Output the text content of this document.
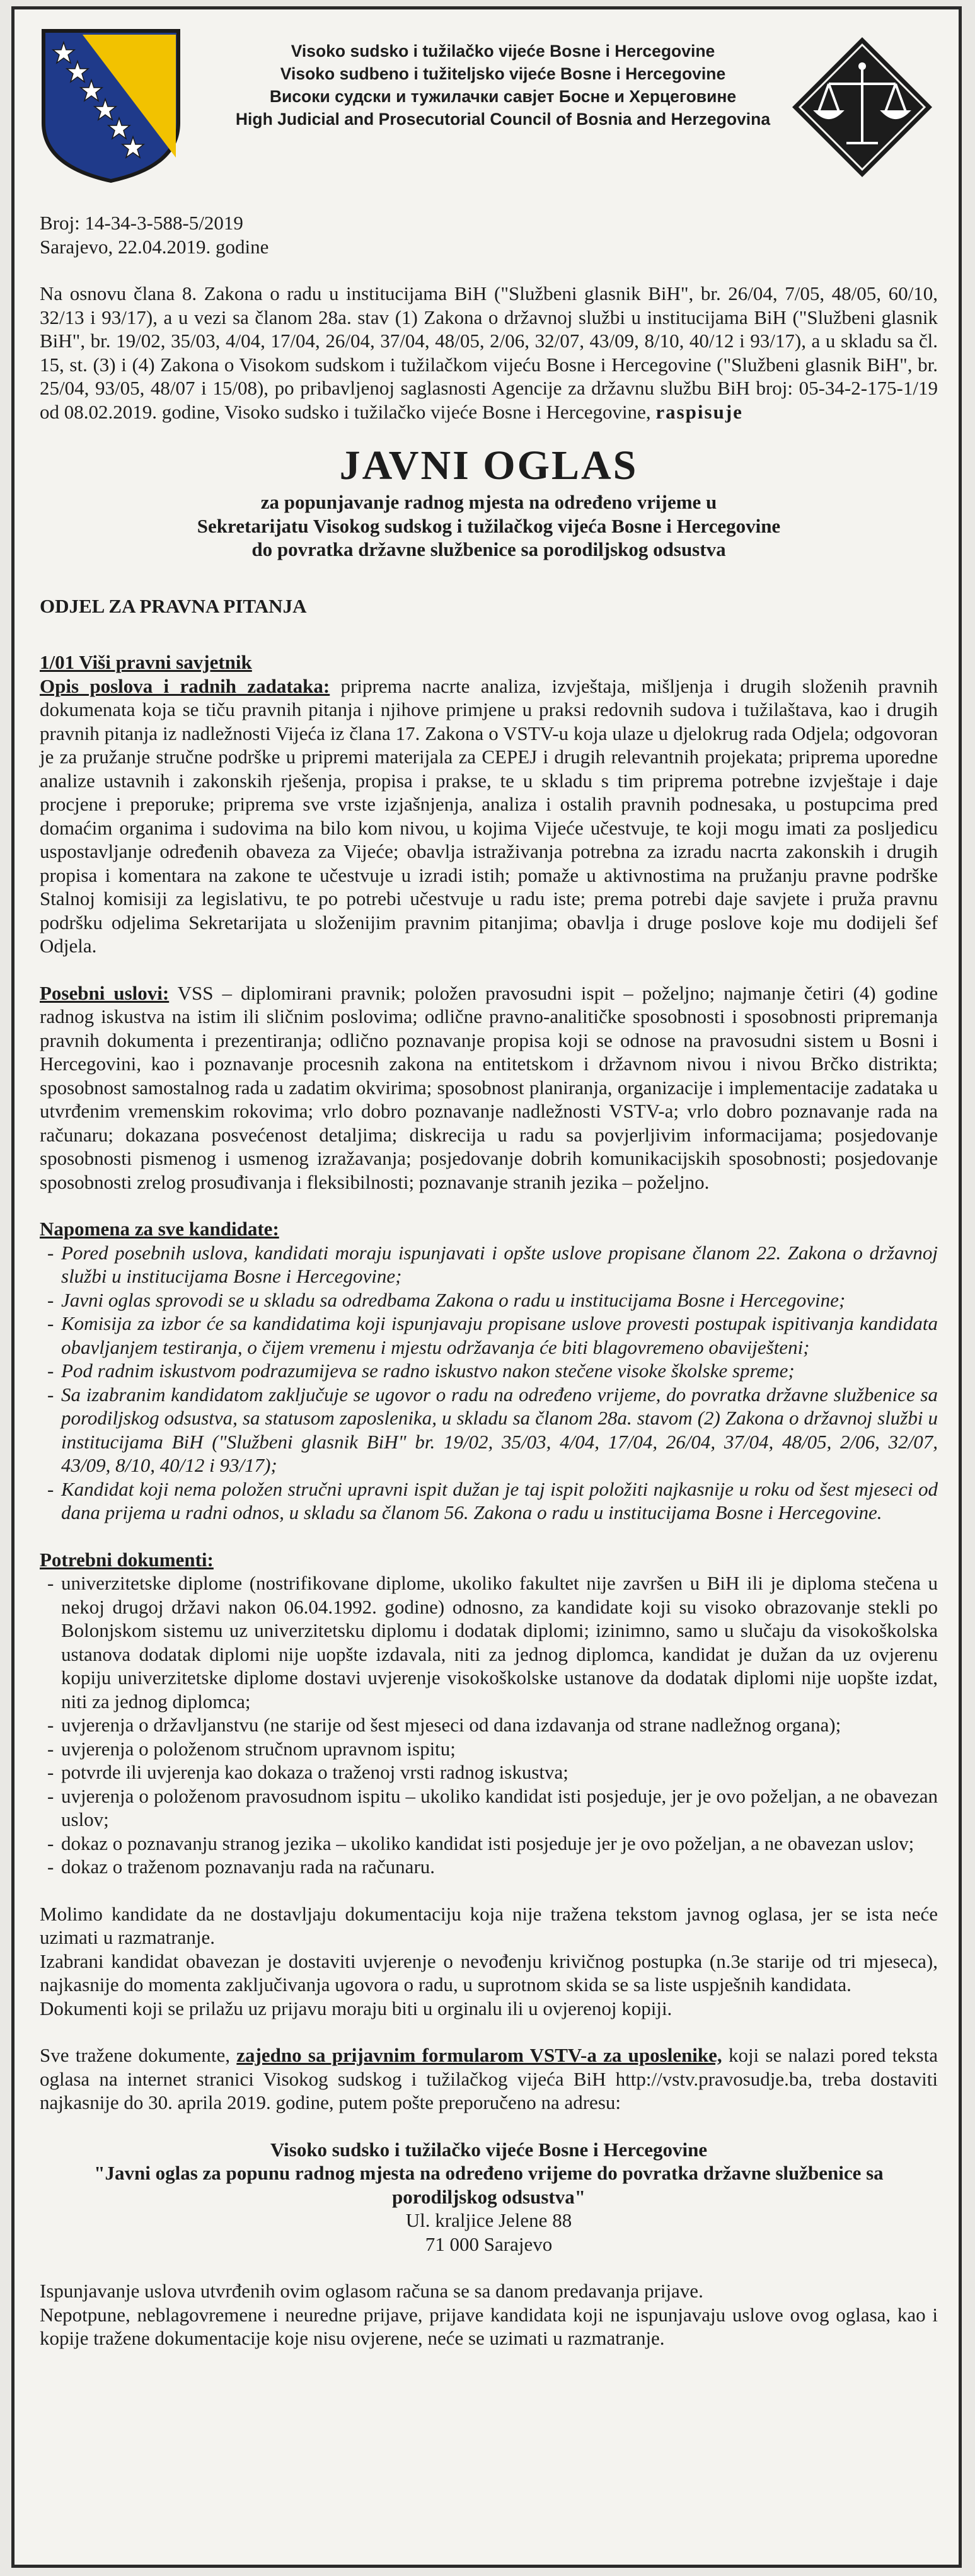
Visoko sudsko i tužilačko vijeće Bosne i Hercegovine
Visoko sudbeno i tužiteljsko vijeće Bosne i Hercegovine
Високи судски и тужилачки савјет Босне и Херцеговине
High Judicial and Prosecutorial Council of Bosnia and Herzegovina

Broj: 14-34-3-588-5/2019

Sarajevo, 22.04.2019. godine

Na osnovu člana 8. Zakona o radu u institucijama BiH ("Službeni glasnik BiH", br. 26/04, 7/05, 48/05, 60/10, 32/13 i 93/17), a u vezi sa članom 28a. stav (1) Zakona o državnoj službi u institucijama BiH ("Službeni glasnik BiH", br. 19/02, 35/03, 4/04, 17/04, 26/04, 37/04, 48/05, 2/06, 32/07, 43/09, 8/10, 40/12 i 93/17), a u skladu sa čl. 15, st. (3) i (4) Zakona o Visokom sudskom i tužilačkom vijeću Bosne i Hercegovine ("Službeni glasnik BiH", br. 25/04, 93/05, 48/07 i 15/08), po pribavljenoj saglasnosti Agencije za državnu službu BiH broj: 05-34-2-175-1/19 od 08.02.2019. godine, Visoko sudsko i tužilačko vijeće Bosne i Hercegovine, raspisuje

JAVNI OGLAS
za popunjavanje radnog mjesta na određeno vrijeme u
Sekretarijatu Visokog sudskog i tužilačkog vijeća Bosne i Hercegovine
do povratka državne službenice sa porodiljskog odsustva

ODJEL ZA PRAVNA PITANJA

1/01 Viši pravni savjetnik

Opis poslova i radnih zadataka: priprema nacrte analiza, izvještaja, mišljenja i drugih složenih pravnih dokumenata koja se tiču pravnih pitanja i njihove primjene u praksi redovnih sudova i tužilaštava, kao i drugih pravnih pitanja iz nadležnosti Vijeća iz člana 17. Zakona o VSTV-u koja ulaze u djelokrug rada Odjela; odgovoran je za pružanje stručne podrške u pripremi materijala za CEPEJ i drugih relevantnih projekata; priprema uporedne analize ustavnih i zakonskih rješenja, propisa i prakse, te u skladu s tim priprema potrebne izvještaje i daje procjene i preporuke; priprema sve vrste izjašnjenja, analiza i ostalih pravnih podnesaka, u postupcima pred domaćim organima i sudovima na bilo kom nivou, u kojima Vijeće učestvuje, te koji mogu imati za posljedicu uspostavljanje određenih obaveza za Vijeće; obavlja istraživanja potrebna za izradu nacrta zakonskih i drugih propisa i komentara na zakone te učestvuje u izradi istih; pomaže u aktivnostima na pružanju pravne podrške Stalnoj komisiji za legislativu, te po potrebi učestvuje u radu iste; prema potrebi daje savjete i pruža pravnu podršku odjelima Sekretarijata u složenijim pravnim pitanjima; obavlja i druge poslove koje mu dodijeli šef Odjela.

Posebni uslovi: VSS – diplomirani pravnik; položen pravosudni ispit – poželjno; najmanje četiri (4) godine radnog iskustva na istim ili sličnim poslovima; odlične pravno-analitičke sposobnosti i sposobnosti pripremanja pravnih dokumenta i prezentiranja; odlično poznavanje propisa koji se odnose na pravosudni sistem u Bosni i Hercegovini, kao i poznavanje procesnih zakona na entitetskom i državnom nivou i nivou Brčko distrikta; sposobnost samostalnog rada u zadatim okvirima; sposobnost planiranja, organizacije i implementacije zadataka u utvrđenim vremenskim rokovima; vrlo dobro poznavanje nadležnosti VSTV-a; vrlo dobro poznavanje rada na računaru; dokazana posvećenost detaljima; diskrecija u radu sa povjerljivim informacijama; posjedovanje sposobnosti pismenog i usmenog izražavanja; posjedovanje dobrih komunikacijskih sposobnosti; posjedovanje sposobnosti zrelog prosuđivanja i fleksibilnosti; poznavanje stranih jezika – poželjno.

Napomena za sve kandidate:

- Pored posebnih uslova, kandidati moraju ispunjavati i opšte uslove propisane članom 22. Zakona o državnoj službi u institucijama Bosne i Hercegovine;
- Javni oglas sprovodi se u skladu sa odredbama Zakona o radu u institucijama Bosne i Hercegovine;
- Komisija za izbor će sa kandidatima koji ispunjavaju propisane uslove provesti postupak ispitivanja kandidata obavljanjem testiranja, o čijem vremenu i mjestu održavanja će biti blagovremeno obaviješteni;
- Pod radnim iskustvom podrazumijeva se radno iskustvo nakon stečene visoke školske spreme;
- Sa izabranim kandidatom zaključuje se ugovor o radu na određeno vrijeme, do povratka državne službenice sa porodiljskog odsustva, sa statusom zaposlenika, u skladu sa članom 28a. stavom (2) Zakona o državnoj službi u institucijama BiH ("Službeni glasnik BiH" br. 19/02, 35/03, 4/04, 17/04, 26/04, 37/04, 48/05, 2/06, 32/07, 43/09, 8/10, 40/12 i 93/17);
- Kandidat koji nema položen stručni upravni ispit dužan je taj ispit položiti najkasnije u roku od šest mjeseci od dana prijema u radni odnos, u skladu sa članom 56. Zakona o radu u institucijama Bosne i Hercegovine.

Potrebni dokumenti:

- univerzitetske diplome (nostrifikovane diplome, ukoliko fakultet nije završen u BiH ili je diploma stečena u nekoj drugoj državi nakon 06.04.1992. godine) odnosno, za kandidate koji su visoko obrazovanje stekli po Bolonjskom sistemu uz univerzitetsku diplomu i dodatak diplomi; izinimno, samo u slučaju da visokoškolska ustanova dodatak diplomi nije uopšte izdavala, niti za jednog diplomca, kandidat je dužan da uz ovjerenu kopiju univerzitetske diplome dostavi uvjerenje visokoškolske ustanove da dodatak diplomi nije uopšte izdat, niti za jednog diplomca;
- uvjerenja o državljanstvu (ne starije od šest mjeseci od dana izdavanja od strane nadležnog organa);
- uvjerenja o položenom stručnom upravnom ispitu;
- potvrde ili uvjerenja kao dokaza o traženoj vrsti radnog iskustva;
- uvjerenja o položenom pravosudnom ispitu – ukoliko kandidat isti posjeduje, jer je ovo poželjan, a ne obavezan uslov;
- dokaz o poznavanju stranog jezika – ukoliko kandidat isti posjeduje jer je ovo poželjan, a ne obavezan uslov;
- dokaz o traženom poznavanju rada na računaru.

Molimo kandidate da ne dostavljaju dokumentaciju koja nije tražena tekstom javnog oglasa, jer se ista neće uzimati u razmatranje.

Izabrani kandidat obavezan je dostaviti uvjerenje o nevođenju krivičnog postupka (n.3e starije od tri mjeseca), najkasnije do momenta zaključivanja ugovora o radu, u suprotnom skida se sa liste uspješnih kandidata.

Dokumenti koji se prilažu uz prijavu moraju biti u orginalu ili u ovjerenoj kopiji.

Sve tražene dokumente, zajedno sa prijavnim formularom VSTV-a za uposlenike, koji se nalazi pored teksta oglasa na internet stranici Visokog sudskog i tužilačkog vijeća BiH http://vstv.pravosudje.ba, treba dostaviti najkasnije do 30. aprila 2019. godine, putem pošte preporučeno na adresu:

Visoko sudsko i tužilačko vijeće Bosne i Hercegovine
"Javni oglas za popunu radnog mjesta na određeno vrijeme do povratka državne službenice sa porodiljskog odsustva"
Ul. kraljice Jelene 88
71 000 Sarajevo

Ispunjavanje uslova utvrđenih ovim oglasom računa se sa danom predavanja prijave.

Nepotpune, neblagovremene i neuredne prijave, prijave kandidata koji ne ispunjavaju uslove ovog oglasa, kao i kopije tražene dokumentacije koje nisu ovjerene, neće se uzimati u razmatranje.
